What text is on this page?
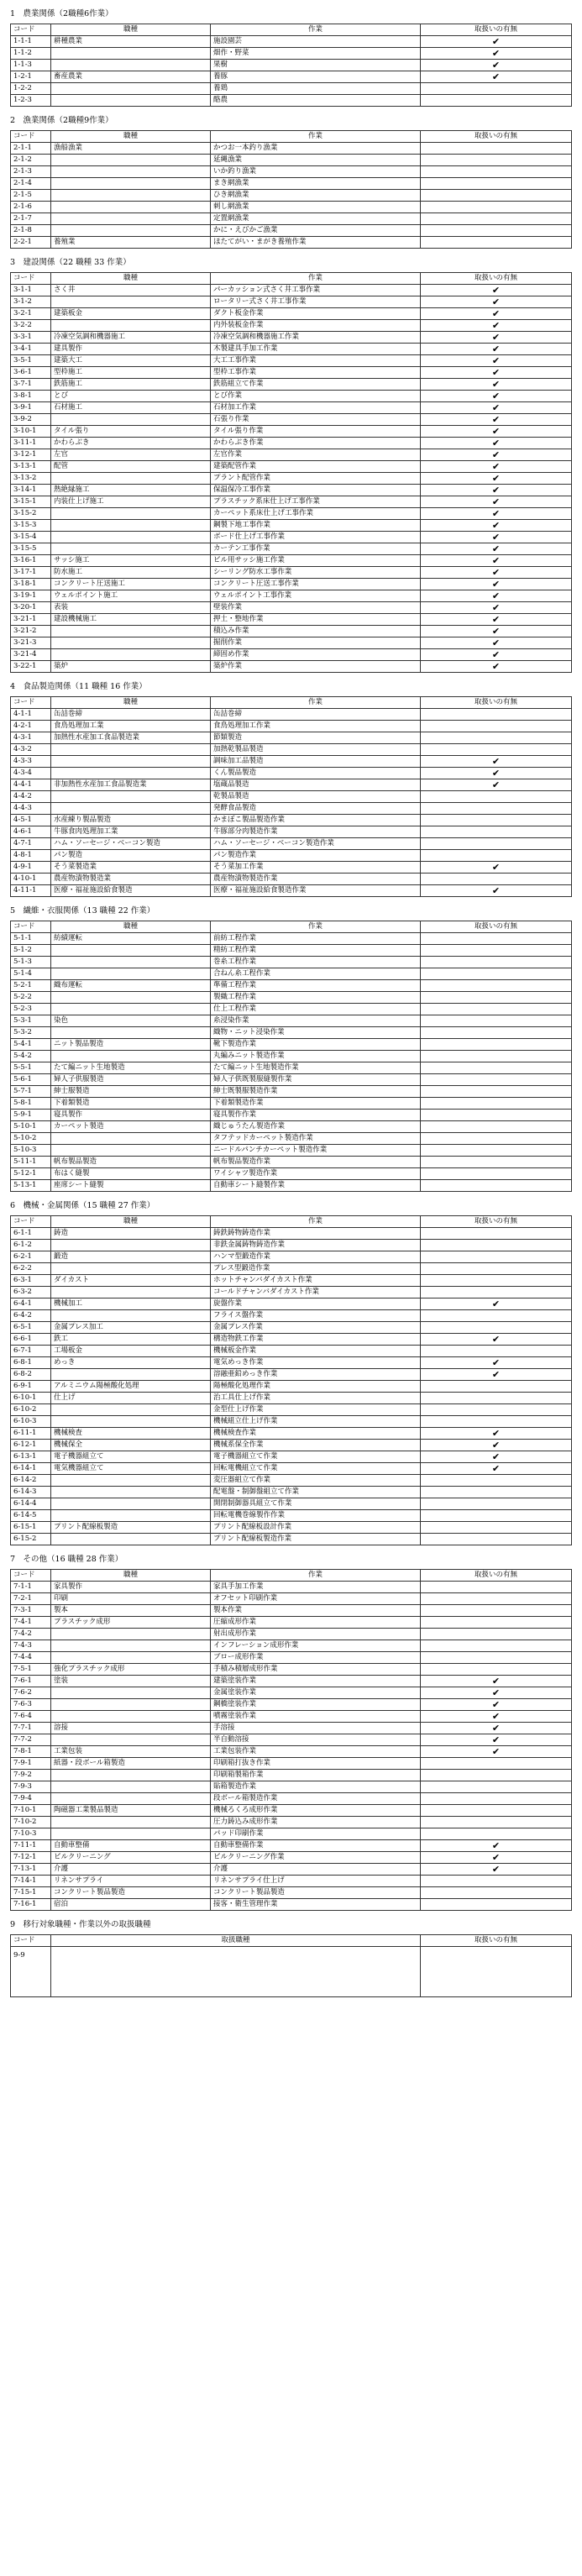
1　農業関係（2職種6作業）
コード	職種	作業	取扱いの有無
1-1-1	耕種農業	施設園芸	✔
1-1-2		畑作・野菜	✔
1-1-3		果樹	✔
1-2-1	畜産農業	養豚	✔
1-2-2		養鶏	
1-2-3		酪農	
2　漁業関係（2職種9作業）
コード	職種	作業	取扱いの有無
2-1-1	漁船漁業	かつお一本釣り漁業	
2-1-2		延縄漁業	
2-1-3		いか釣り漁業	
2-1-4		まき網漁業	
2-1-5		ひき網漁業	
2-1-6		刺し網漁業	
2-1-7		定置網漁業	
2-1-8		かに・えびかご漁業	
2-2-1	養殖業	ほたてがい・まがき養殖作業	
3　建設関係（22 職種 33 作業）
コード	職種	作業	取扱いの有無
3-1-1	さく井	パーカッション式さく井工事作業	✔
3-1-2		ロータリー式さく井工事作業	✔
3-2-1	建築板金	ダクト板金作業	✔
3-2-2		内外装板金作業	✔
3-3-1	冷凍空気調和機器施工	冷凍空気調和機器施工作業	✔
3-4-1	建具製作	木製建具手加工作業	✔
3-5-1	建築大工	大工工事作業	✔
3-6-1	型枠施工	型枠工事作業	✔
3-7-1	鉄筋施工	鉄筋組立て作業	✔
3-8-1	とび	とび作業	✔
3-9-1	石材施工	石材加工作業	✔
3-9-2		石張り作業	✔
3-10-1	タイル張り	タイル張り作業	✔
3-11-1	かわらぶき	かわらぶき作業	✔
3-12-1	左官	左官作業	✔
3-13-1	配管	建築配管作業	✔
3-13-2		プラント配管作業	✔
3-14-1	熱絶縁施工	保温保冷工事作業	✔
3-15-1	内装仕上げ施工	プラスチック系床仕上げ工事作業	✔
3-15-2		カーペット系床仕上げ工事作業	✔
3-15-3		鋼製下地工事作業	✔
3-15-4		ボード仕上げ工事作業	✔
3-15-5		カーテン工事作業	✔
3-16-1	サッシ施工	ビル用サッシ施工作業	✔
3-17-1	防水施工	シーリング防水工事作業	✔
3-18-1	コンクリート圧送施工	コンクリート圧送工事作業	✔
3-19-1	ウェルポイント施工	ウェルポイント工事作業	✔
3-20-1	表装	壁装作業	✔
3-21-1	建設機械施工	押土・整地作業	✔
3-21-2		積込み作業	✔
3-21-3		掘削作業	✔
3-21-4		締固め作業	✔
3-22-1	築炉	築炉作業	✔
4　食品製造関係（11 職種 16 作業）
コード	職種	作業	取扱いの有無
4-1-1	缶詰巻締	缶詰巻締	
4-2-1	食鳥処理加工業	食鳥処理加工作業	
4-3-1	加熱性水産加工食品製造業	節類製造	
4-3-2		加熱乾製品製造	
4-3-3		調味加工品製造	✔
4-3-4		くん製品製造	✔
4-4-1	非加熱性水産加工食品製造業	塩蔵品製造	✔
4-4-2		乾製品製造	
4-4-3		発酵食品製造	
4-5-1	水産練り製品製造	かまぼこ製品製造作業	
4-6-1	牛豚食肉処理加工業	牛豚部分肉製造作業	
4-7-1	ハム・ソーセージ・ベーコン製造	ハム・ソーセージ・ベーコン製造作業	
4-8-1	パン製造	パン製造作業	
4-9-1	そう菜製造業	そう菜加工作業	✔
4-10-1	農産物漬物製造業	農産物漬物製造作業	
4-11-1	医療・福祉施設給食製造	医療・福祉施設給食製造作業	✔
5　繊維・衣服関係（13 職種 22 作業）
コード	職種	作業	取扱いの有無
5-1-1	紡績運転	前紡工程作業	
5-1-2		精紡工程作業	
5-1-3		巻糸工程作業	
5-1-4		合ねん糸工程作業	
5-2-1	織布運転	準備工程作業	
5-2-2		製織工程作業	
5-2-3		仕上工程作業	
5-3-1	染色	糸浸染作業	
5-3-2		織物・ニット浸染作業	
5-4-1	ニット製品製造	靴下製造作業	
5-4-2		丸編みニット製造作業	
5-5-1	たて編ニット生地製造	たて編ニット生地製造作業	
5-6-1	婦人子供服製造	婦人子供既製服縫製作業	
5-7-1	紳士服製造	紳士既製服製造作業	
5-8-1	下着類製造	下着類製造作業	
5-9-1	寝具製作	寝具製作作業	
5-10-1	カーペット製造	織じゅうたん製造作業	
5-10-2		タフテッドカーペット製造作業	
5-10-3		ニードルパンチカーペット製造作業	
5-11-1	帆布製品製造	帆布製品製造作業	
5-12-1	布はく縫製	ワイシャツ製造作業	
5-13-1	座席シート縫製	自動車シート縫製作業	
6　機械・金属関係（15 職種 27 作業）
コード	職種	作業	取扱いの有無
6-1-1	鋳造	鋳鉄鋳物鋳造作業	
6-1-2		非鉄金属鋳物鋳造作業	
6-2-1	鍛造	ハンマ型鍛造作業	
6-2-2		プレス型鍛造作業	
6-3-1	ダイカスト	ホットチャンバダイカスト作業	
6-3-2		コールドチャンバダイカスト作業	
6-4-1	機械加工	旋盤作業	✔
6-4-2		フライス盤作業	
6-5-1	金属プレス加工	金属プレス作業	
6-6-1	鉄工	構造物鉄工作業	✔
6-7-1	工場板金	機械板金作業	
6-8-1	めっき	電気めっき作業	✔
6-8-2		溶融亜鉛めっき作業	✔
6-9-1	アルミニウム陽極酸化処理	陽極酸化処理作業	
6-10-1	仕上げ	治工具仕上げ作業	
6-10-2		金型仕上げ作業	
6-10-3		機械組立仕上げ作業	
6-11-1	機械検査	機械検査作業	✔
6-12-1	機械保全	機械系保全作業	✔
6-13-1	電子機器組立て	電子機器組立て作業	✔
6-14-1	電気機器組立て	回転電機組立て作業	✔
6-14-2		変圧器組立て作業	
6-14-3		配電盤・制御盤組立て作業	
6-14-4		開閉制御器具組立て作業	
6-14-5		回転電機巻線製作作業	
6-15-1	プリント配線板製造	プリント配線板設計作業	
6-15-2		プリント配線板製造作業	
7　その他（16 職種 28 作業）
コード	職種	作業	取扱いの有無
7-1-1	家具製作	家具手加工作業	
7-2-1	印刷	オフセット印刷作業	
7-3-1	製本	製本作業	
7-4-1	プラスチック成形	圧縮成形作業	
7-4-2		射出成形作業	
7-4-3		インフレーション成形作業	
7-4-4		ブロー成形作業	
7-5-1	強化プラスチック成形	手積み積層成形作業	
7-6-1	塗装	建築塗装作業	✔
7-6-2		金属塗装作業	✔
7-6-3		鋼橋塗装作業	✔
7-6-4		噴霧塗装作業	✔
7-7-1	溶接	手溶接	✔
7-7-2		半自動溶接	✔
7-8-1	工業包装	工業包装作業	✔
7-9-1	紙器・段ボール箱製造	印刷箱打抜き作業	
7-9-2		印刷箱製箱作業	
7-9-3		貼箱製造作業	
7-9-4		段ボール箱製造作業	
7-10-1	陶磁器工業製品製造	機械ろくろ成形作業	
7-10-2		圧力鋳込み成形作業	
7-10-3		パッド印刷作業	
7-11-1	自動車整備	自動車整備作業	✔
7-12-1	ビルクリーニング	ビルクリーニング作業	✔
7-13-1	介護	介護	✔
7-14-1	リネンサプライ	リネンサプライ仕上げ	
7-15-1	コンクリート製品製造	コンクリート製品製造	
7-16-1	宿泊	接客・衛生管理作業	
9　移行対象職種・作業以外の取扱職種
コード	取扱職種	取扱いの有無
9-9		
